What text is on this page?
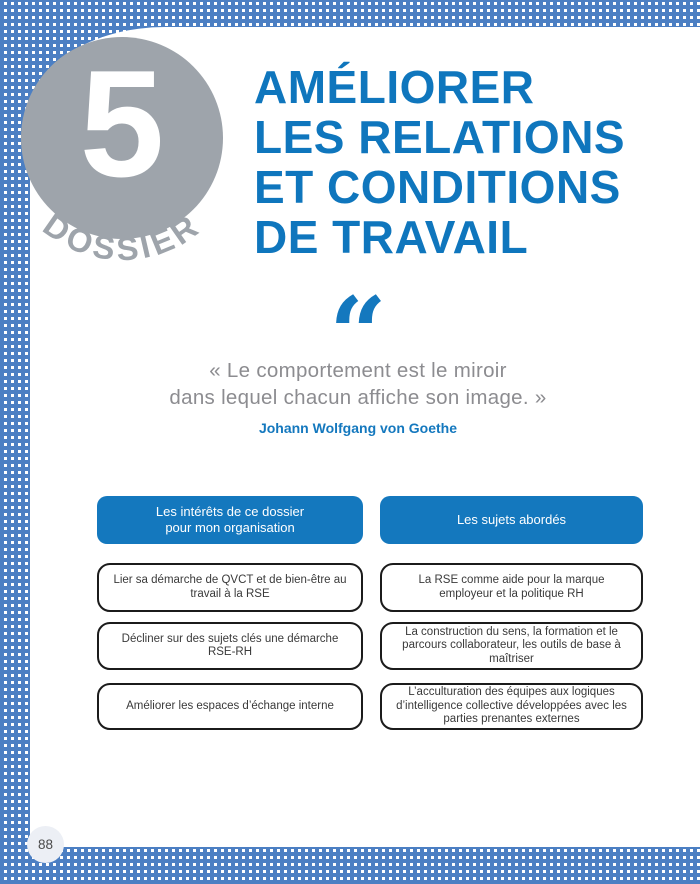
5
DOSSIER
AMÉLIORER
LES RELATIONS
ET CONDITIONS
DE TRAVAIL
“
« Le comportement est le miroir
dans lequel chacun affiche son image. »
Johann Wolfgang von Goethe
Les intérêts de ce dossier
pour mon organisation
Lier sa démarche de QVCT et de bien-être au travail à la RSE
Décliner sur des sujets clés une démarche RSE-RH
Améliorer les espaces d’échange interne
Les sujets abordés
La RSE comme aide pour la marque employeur et la politique RH
La construction du sens, la formation et le parcours collaborateur, les outils de base à maîtriser
L’acculturation des équipes aux logiques d’intelligence collective développées avec les parties prenantes externes
88
